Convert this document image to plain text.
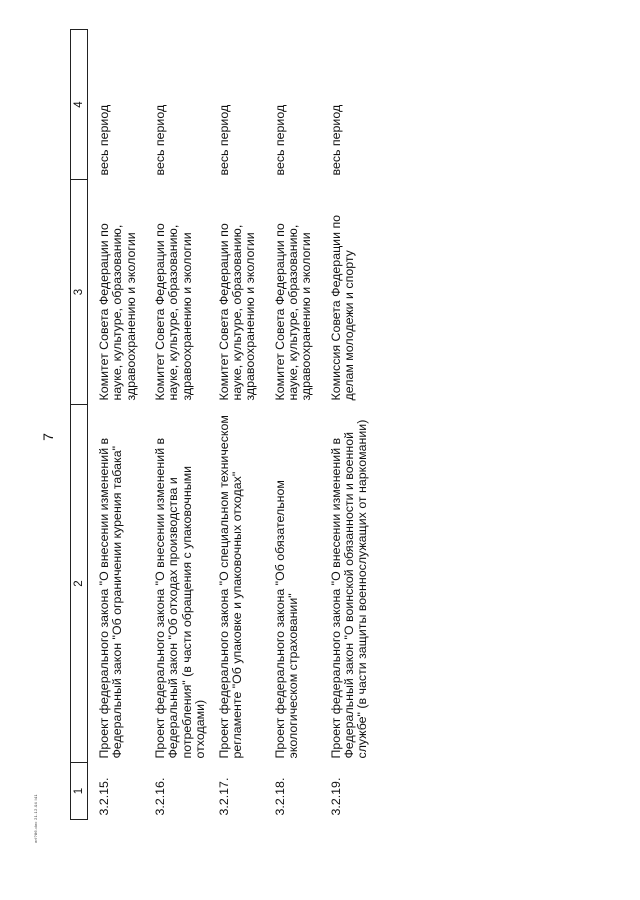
7
orl?86.doc 21.12.04 I41
1	2	3	4
3.2.15.	Проект федерального закона "О внесении изменений в Федеральный закон "Об ограничении курения табака"	Комитет Совета Федерации по науке, культуре, образованию, здравоохранению и экологии	весь период
3.2.16.	Проект федерального закона "О внесении изменений в Федеральный закон "Об отходах производства и потребления" (в части обращения с упаковочными отходами)	Комитет Совета Федерации по науке, культуре, образованию, здравоохранению и экологии	весь период
3.2.17.	Проект федерального закона "О специальном техническом регламенте "Об упаковке и упаковочных отходах"	Комитет Совета Федерации по науке, культуре, образованию, здравоохранению и экологии	весь период
3.2.18.	Проект федерального закона "Об обязательном экологическом страховании"	Комитет Совета Федерации по науке, культуре, образованию, здравоохранению и экологии	весь период
3.2.19.	Проект федерального закона "О внесении изменений в Федеральный закон "О воинской обязанности и военной службе" (в части защиты военнослужащих от наркомании)	Комиссия Совета Федерации по делам молодежи и спорту	весь период
